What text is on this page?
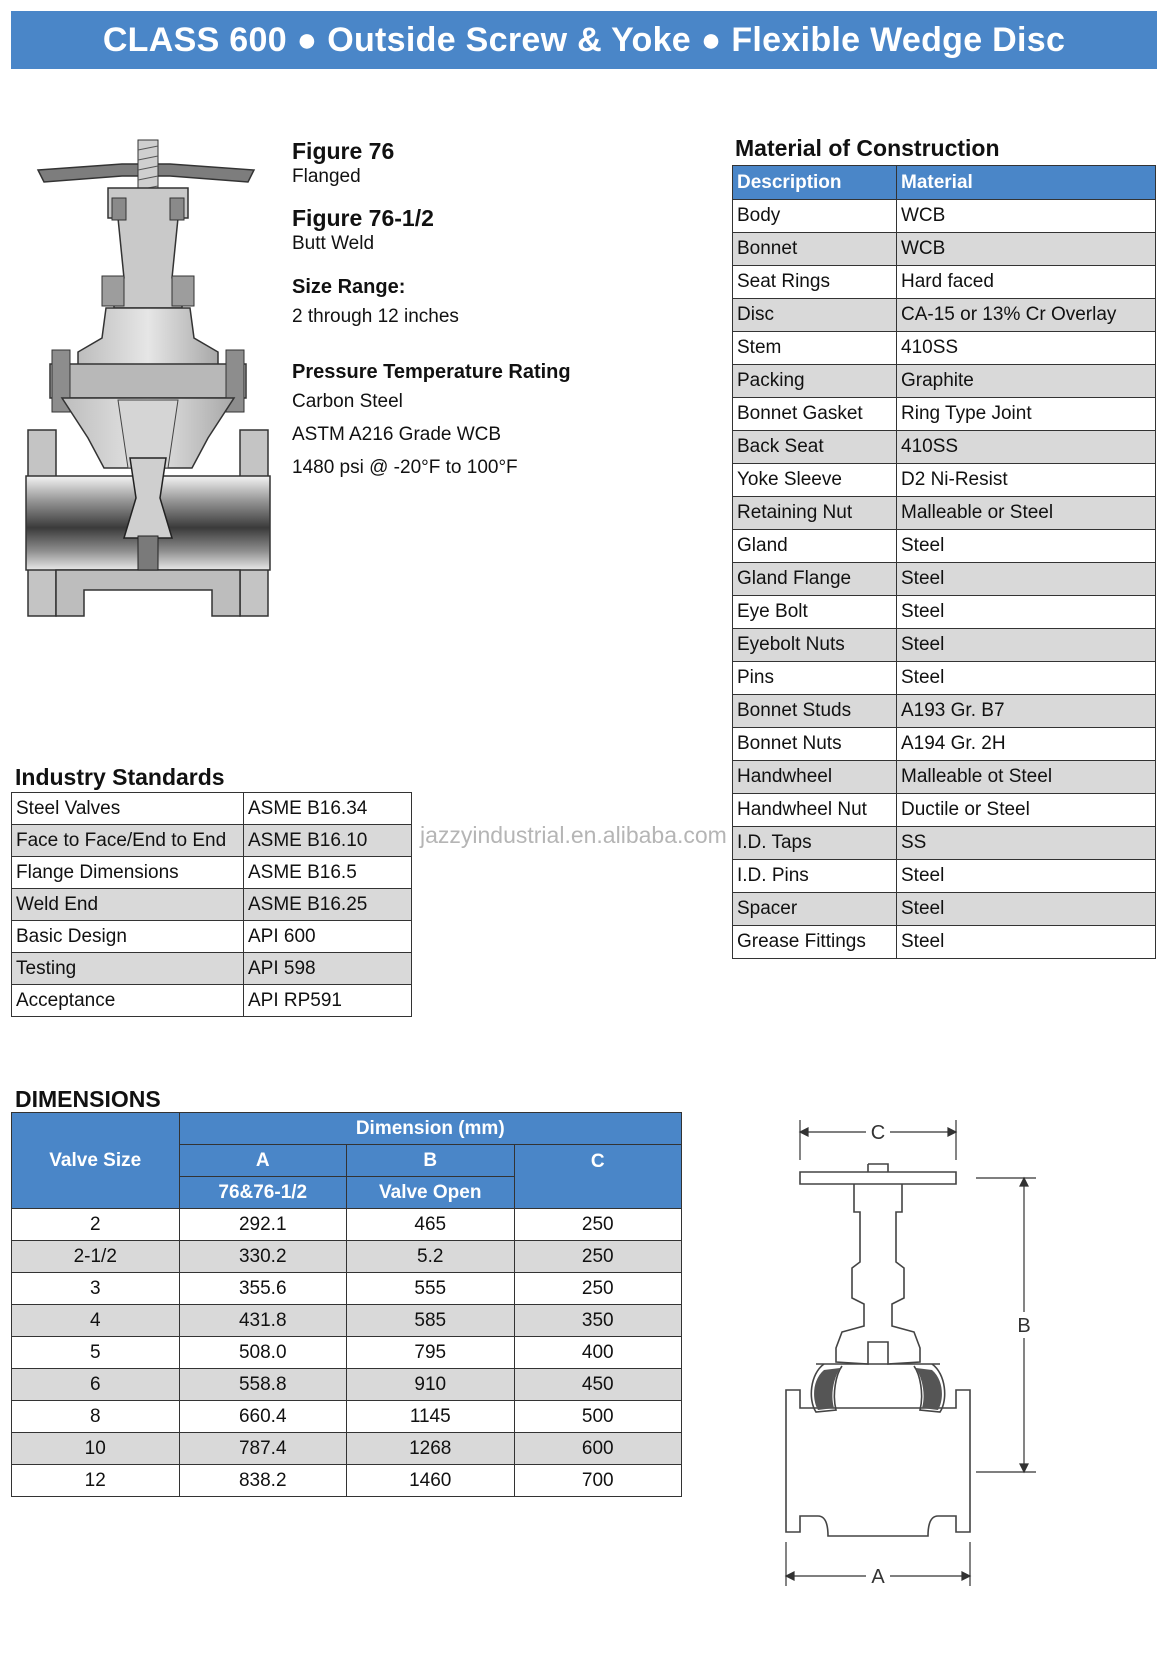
CLASS 600 ● Outside Screw & Yoke ● Flexible Wedge Disc
Figure 76
Flanged
Figure 76-1/2
Butt Weld
Size Range:
2 through 12 inches
Pressure Temperature Rating
Carbon Steel
ASTM A216 Grade WCB
1480 psi @ -20°F to 100°F
Material of Construction
Description	Material
Body	WCB
Bonnet	WCB
Seat Rings	Hard faced
Disc	CA-15 or 13% Cr Overlay
Stem	410SS
Packing	Graphite
Bonnet Gasket	Ring Type Joint
Back Seat	410SS
Yoke Sleeve	D2 Ni-Resist
Retaining Nut	Malleable or Steel
Gland	Steel
Gland Flange	Steel
Eye Bolt	Steel
Eyebolt Nuts	Steel
Pins	Steel
Bonnet Studs	A193 Gr. B7
Bonnet Nuts	A194 Gr. 2H
Handwheel	Malleable ot Steel
Handwheel Nut	Ductile or Steel
I.D. Taps	SS
I.D. Pins	Steel
Spacer	Steel
Grease Fittings	Steel
Industry Standards
Steel Valves	ASME B16.34
Face to Face/End to End	ASME B16.10
Flange Dimensions	ASME B16.5
Weld End	ASME B16.25
Basic Design	API 600
Testing	API 598
Acceptance	API RP591
jazzyindustrial.en.alibaba.com
DIMENSIONS
Valve Size	Dimension (mm)		
	A	B	C
	76&76-1/2	Valve Open	
2	292.1	465	250
2-1/2	330.2	5.2	250
3	355.6	555	250
4	431.8	585	350
5	508.0	795	400
6	558.8	910	450
8	660.4	1145	500
10	787.4	1268	600
12	838.2	1460	700
C
B
A
